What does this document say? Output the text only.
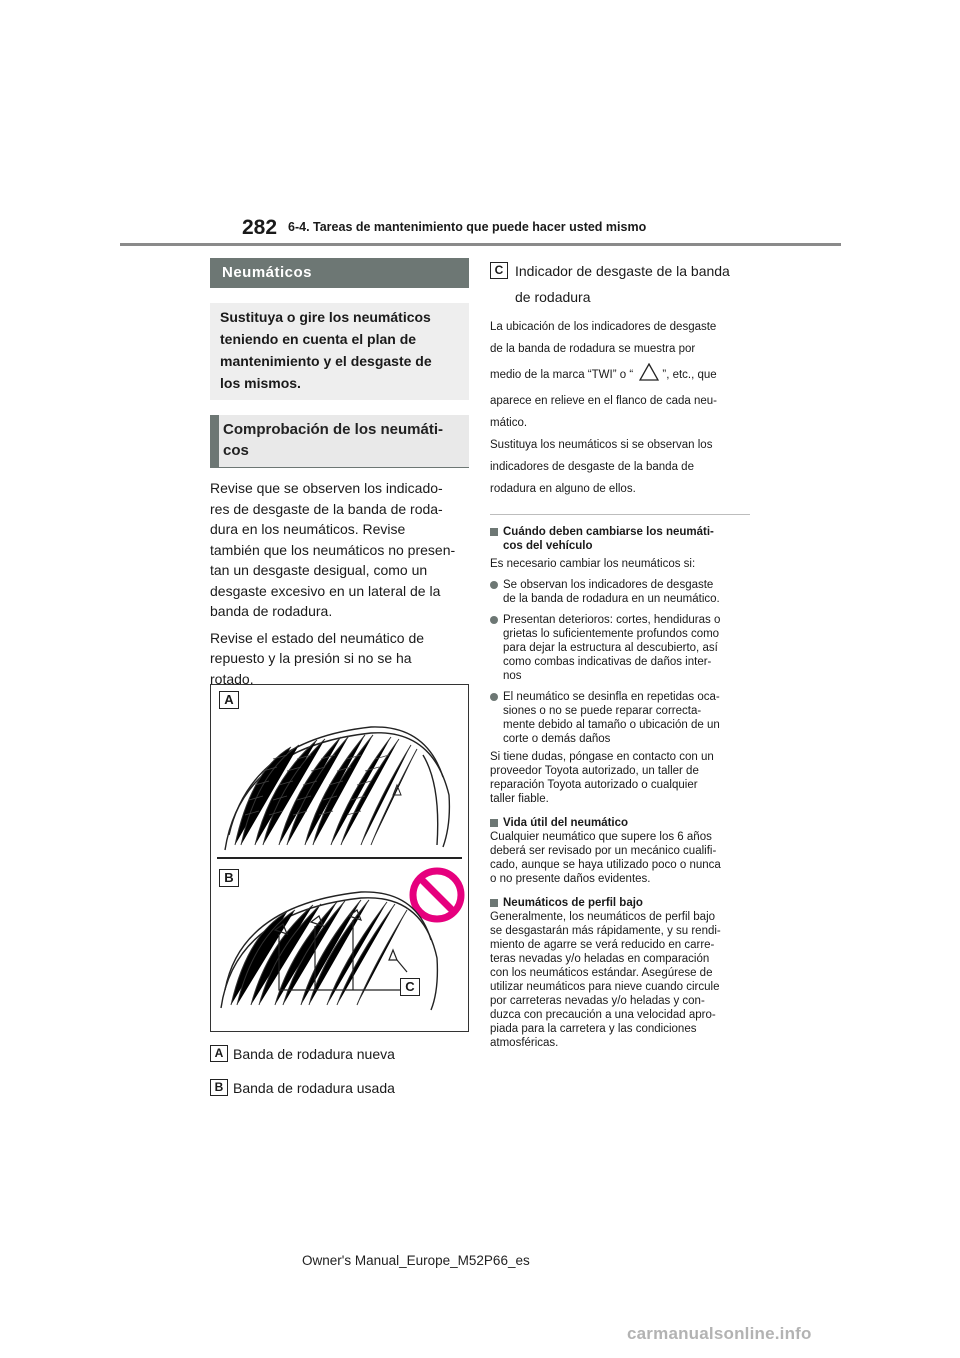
282 6-4. Tareas de mantenimiento que puede hacer usted mismo
Neumáticos
Sustituya o gire los neumáticos
teniendo en cuenta el plan de
mantenimiento y el desgaste de
los mismos.
Comprobación de los neumáti-
cos
Revise que se observen los indicado-
res de desgaste de la banda de roda-
dura en los neumáticos. Revise
también que los neumáticos no presen-
tan un desgaste desigual, como un
desgaste excesivo en un lateral de la
banda de rodadura.
Revise el estado del neumático de
repuesto y la presión si no se ha
rotado.
A
B
C
A Banda de rodadura nueva
B Banda de rodadura usada
C Indicador de desgaste de la banda
de rodadura
La ubicación de los indicadores de desgaste
de la banda de rodadura se muestra por
medio de la marca “TWI” o “	”, etc., que
aparece en relieve en el flanco de cada neu-
mático.
Sustituya los neumáticos si se observan los
indicadores de desgaste de la banda de
rodadura en alguno de ellos.
Cuándo deben cambiarse los neumáti-
cos del vehículo
Es necesario cambiar los neumáticos si:
Se observan los indicadores de desgaste
de la banda de rodadura en un neumático.
Presentan deterioros: cortes, hendiduras o
grietas lo suficientemente profundos como
para dejar la estructura al descubierto, así
como combas indicativas de daños inter-
nos
El neumático se desinfla en repetidas oca-
siones o no se puede reparar correcta-
mente debido al tamaño o ubicación de un
corte o demás daños
Si tiene dudas, póngase en contacto con un
proveedor Toyota autorizado, un taller de
reparación Toyota autorizado o cualquier
taller fiable.
Vida útil del neumático
Cualquier neumático que supere los 6 años
deberá ser revisado por un mecánico cualifi-
cado, aunque se haya utilizado poco o nunca
o no presente daños evidentes.
Neumáticos de perfil bajo
Generalmente, los neumáticos de perfil bajo
se desgastarán más rápidamente, y su rendi-
miento de agarre se verá reducido en carre-
teras nevadas y/o heladas en comparación
con los neumáticos estándar. Asegúrese de
utilizar neumáticos para nieve cuando circule
por carreteras nevadas y/o heladas y con-
duzca con precaución a una velocidad apro-
piada para la carretera y las condiciones
atmosféricas.
Owner's Manual_Europe_M52P66_es
carmanualsonline.info
